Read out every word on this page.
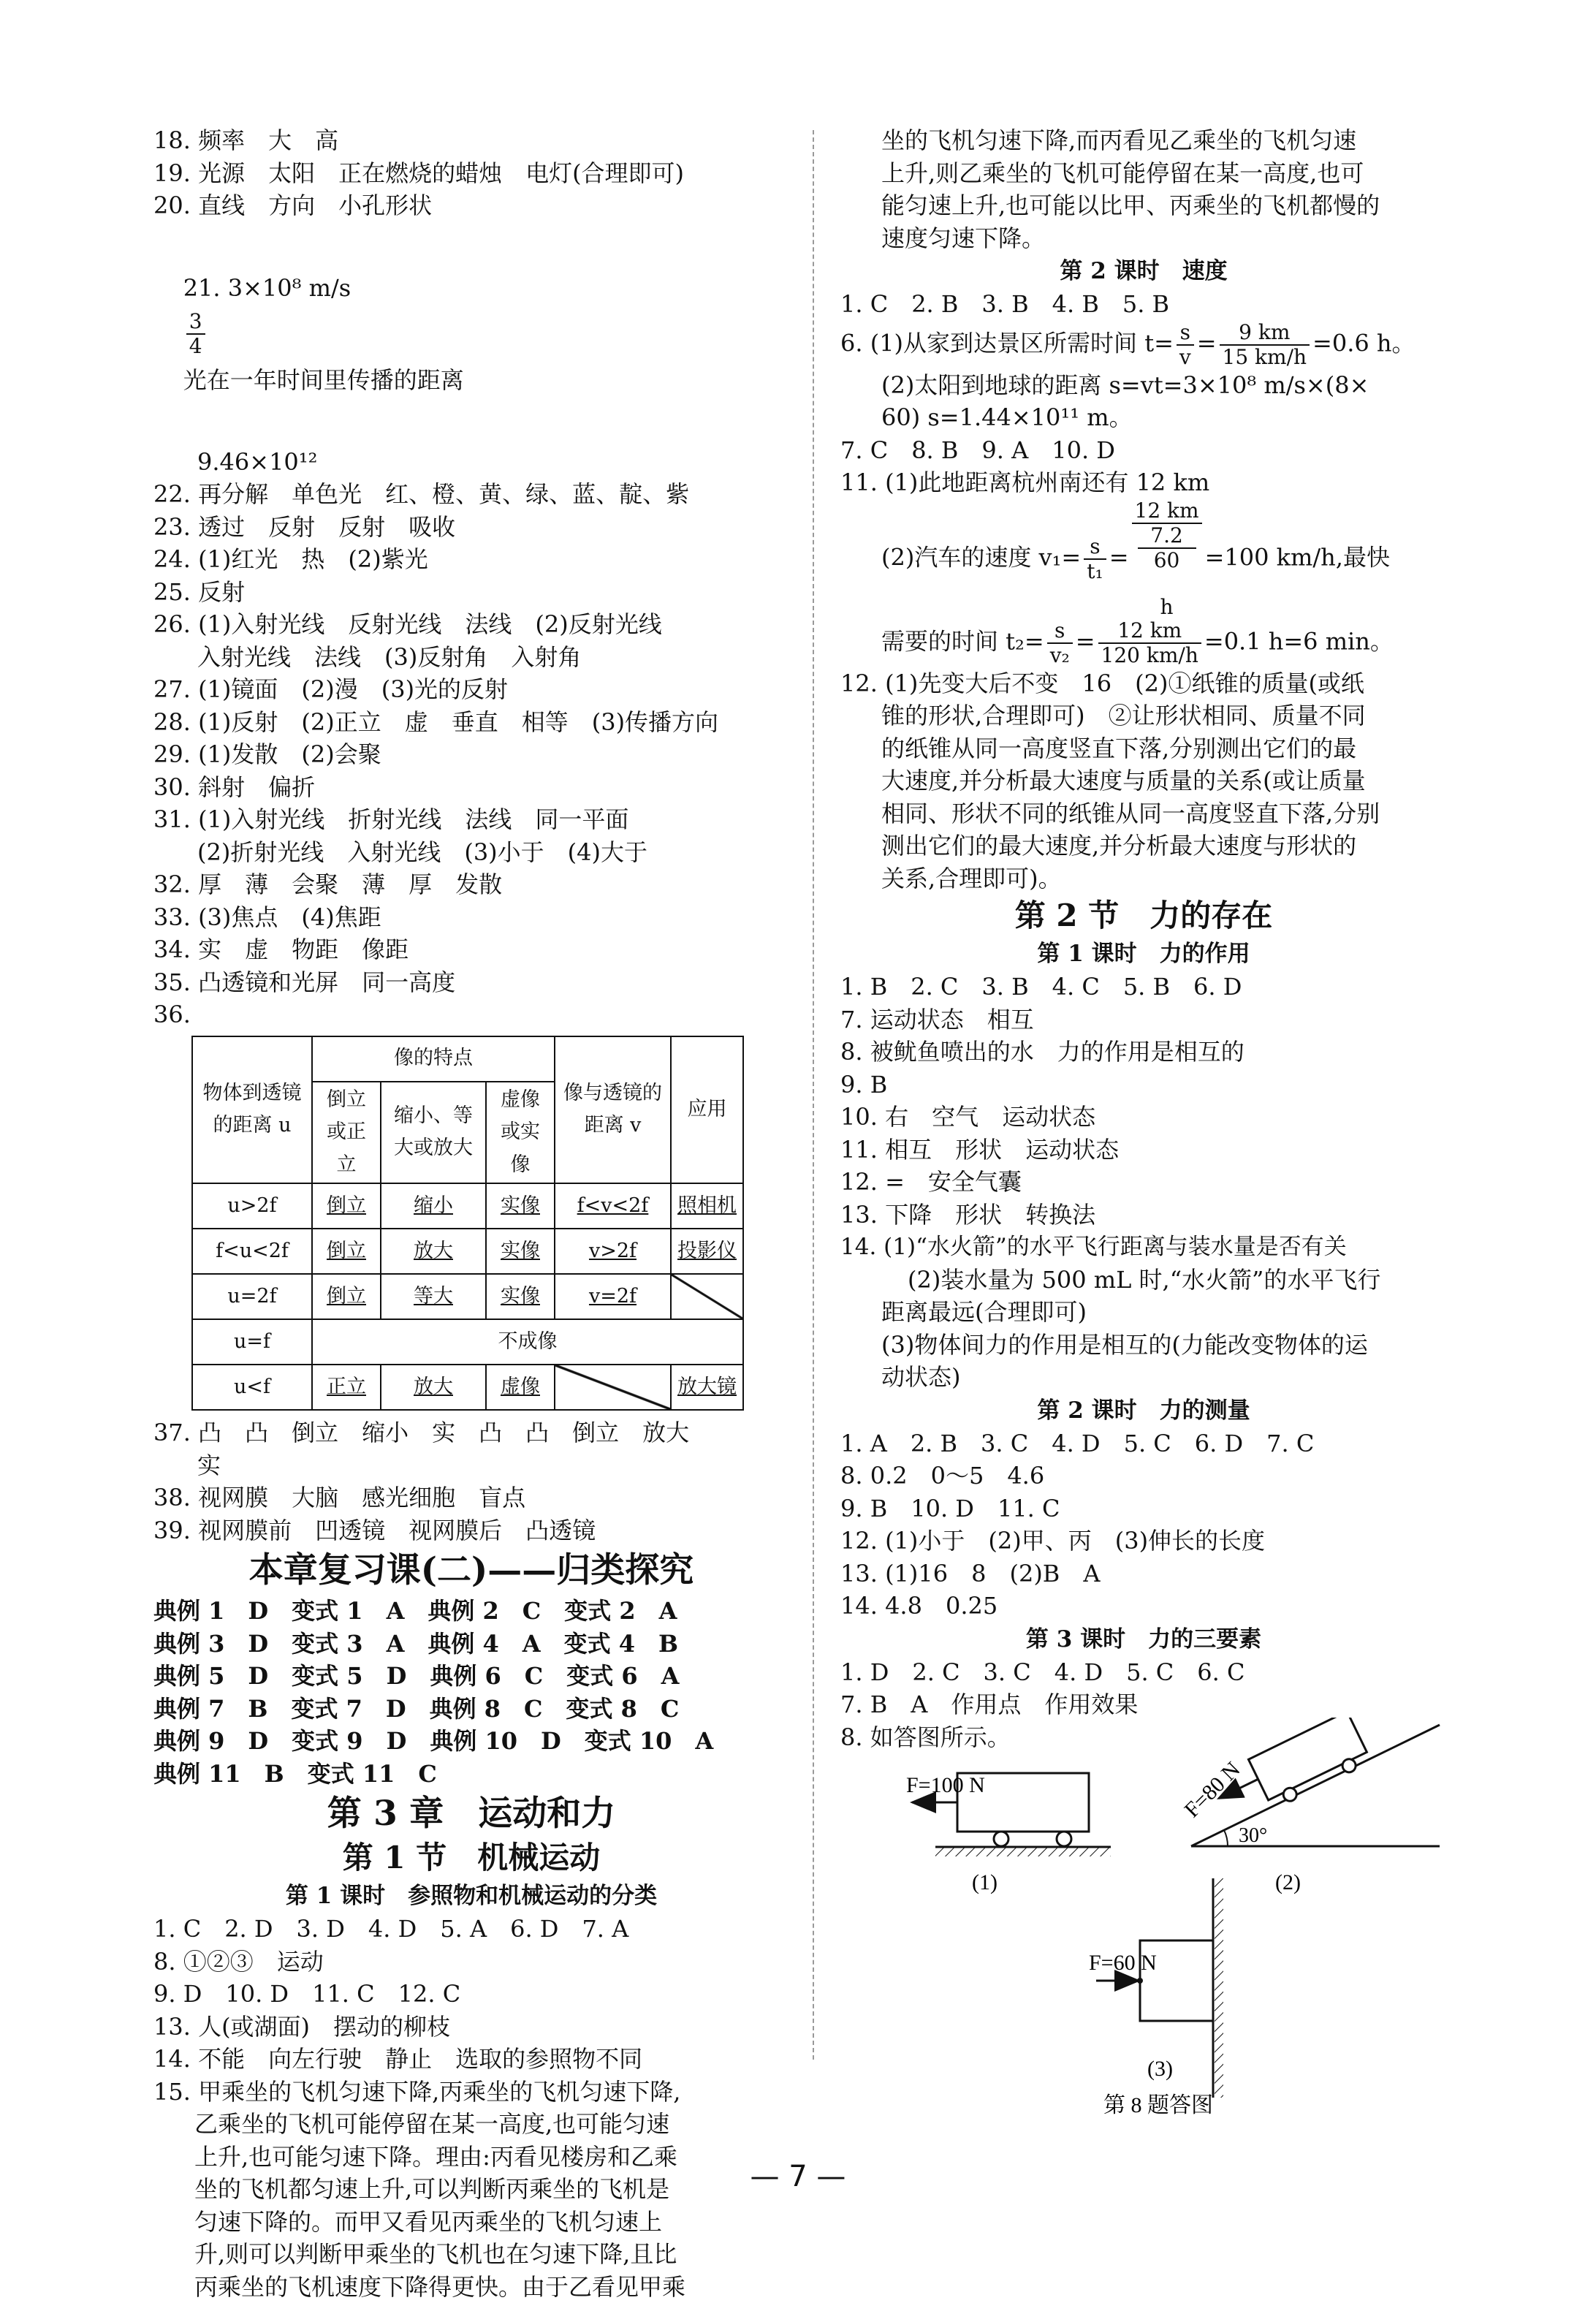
18. 频率　大　高
19. 光源　太阳　正在燃烧的蜡烛　电灯(合理即可)
20. 直线　方向　小孔形状

21. 3×10⁸ m/s

$\frac{3}{4}$

光在一年时间里传播的距离

9.46×10¹²
22. 再分解　单色光　红、橙、黄、绿、蓝、靛、紫
23. 透过　反射　反射　吸收
24. (1)红光　热　(2)紫光
25. 反射
26. (1)入射光线　反射光线　法线　(2)反射光线
入射光线　法线　(3)反射角　入射角
27. (1)镜面　(2)漫　(3)光的反射
28. (1)反射　(2)正立　虚　垂直　相等　(3)传播方向
29. (1)发散　(2)会聚
30. 斜射　偏折
31. (1)入射光线　折射光线　法线　同一平面
(2)折射光线　入射光线　(3)小于　(4)大于
32. 厚　薄　会聚　薄　厚　发散
33. (3)焦点　(4)焦距
34. 实　虚　物距　像距
35. 凸透镜和光屏　同一高度
36.
物体到透镜的距离 u	像的特点			像与透镜的距离 v	应用
	倒立或正立	缩小、等大或放大	虚像或实像		
u>2f	倒立	缩小	实像	f<v<2f	照相机
f<u<2f	倒立	放大	实像	v>2f	投影仪
u=2f	倒立	等大	实像	v=2f	
u=f	不成像				
u<f	正立	放大	虚像		放大镜
37. 凸　凸　倒立　缩小　实　凸　凸　倒立　放大
实
38. 视网膜　大脑　感光细胞　盲点
39. 视网膜前　凹透镜　视网膜后　凸透镜
本章复习课(二)——归类探究
典例 1　D　变式 1　A　典例 2　C　变式 2　A
典例 3　D　变式 3　A　典例 4　A　变式 4　B
典例 5　D　变式 5　D　典例 6　C　变式 6　A
典例 7　B　变式 7　D　典例 8　C　变式 8　C
典例 9　D　变式 9　D　典例 10　D　变式 10　A
典例 11　B　变式 11　C
第 3 章　运动和力
第 1 节　机械运动
第 1 课时　参照物和机械运动的分类
1. C　2. D　3. D　4. D　5. A　6. D　7. A
8. ①②③　运动
9. D　10. D　11. C　12. C
13. 人(或湖面)　摆动的柳枝
14. 不能　向左行驶　静止　选取的参照物不同
15. 甲乘坐的飞机匀速下降,丙乘坐的飞机匀速下降,
乙乘坐的飞机可能停留在某一高度,也可能匀速
上升,也可能匀速下降。理由:丙看见楼房和乙乘
坐的飞机都匀速上升,可以判断丙乘坐的飞机是
匀速下降的。而甲又看见丙乘坐的飞机匀速上
升,则可以判断甲乘坐的飞机也在匀速下降,且比
丙乘坐的飞机速度下降得更快。由于乙看见甲乘
坐的飞机匀速下降,而丙看见乙乘坐的飞机匀速
上升,则乙乘坐的飞机可能停留在某一高度,也可
能匀速上升,也可能以比甲、丙乘坐的飞机都慢的
速度匀速下降。
第 2 课时　速度
1. C　2. B　3. B　4. B　5. B
6. (1)从家到达景区所需时间 $t= \frac{s}{v} = \frac{9 km}{15 km/h} =0.6$ h。
(2)太阳到地球的距离 s=vt=3×10⁸ m/s×(8×
60) s=1.44×10¹¹ m。
7. C　8. B　9. A　10. D
11. (1)此地距离杭州南还有 12 km
(2)汽车的速度 $v_1= \frac{s}{\text{t₁}} = 12$ km
7.2
60

h =100 km/h,最快
需要的时间 $t_2= \frac{s}{\text{v₂}} = \frac{12 km}{120 km/h} =0.1$ h=6 min。
12. (1)先变大后不变　16　(2)①纸锥的质量(或纸
锥的形状,合理即可)　②让形状相同、质量不同
的纸锥从同一高度竖直下落,分别测出它们的最
大速度,并分析最大速度与质量的关系(或让质量
相同、形状不同的纸锥从同一高度竖直下落,分别
测出它们的最大速度,并分析最大速度与形状的
关系,合理即可)。
第 2 节　力的存在
第 1 课时　力的作用
1. B　2. C　3. B　4. C　5. B　6. D
7. 运动状态　相互
8. 被鱿鱼喷出的水　力的作用是相互的
9. B
10. 右　空气　运动状态
11. 相互　形状　运动状态
12. =　安全气囊
13. 下降　形状　转换法
14. (1)“水火箭”的水平飞行距离与装水量是否有关
(2)装水量为 500 mL 时,“水火箭”的水平飞行
距离最远(合理即可)
(3)物体间力的作用是相互的(力能改变物体的运
动状态)
第 2 课时　力的测量
1. A　2. B　3. C　4. D　5. C　6. D　7. C
8. 0.2　0～5　4.6
9. B　10. D　11. C
12. (1)小于　(2)甲、丙　(3)伸长的长度
13. (1)16　8　(2)B　A
14. 4.8　0.25
第 3 课时　力的三要素
1. D　2. C　3. C　4. D　5. C　6. C
7. B　A　作用点　作用效果
8. 如答图所示。
F=100 N
(1)
30°
F=80 N
(2)
F=60 N
(3)
第 8 题答图
— 7 —
